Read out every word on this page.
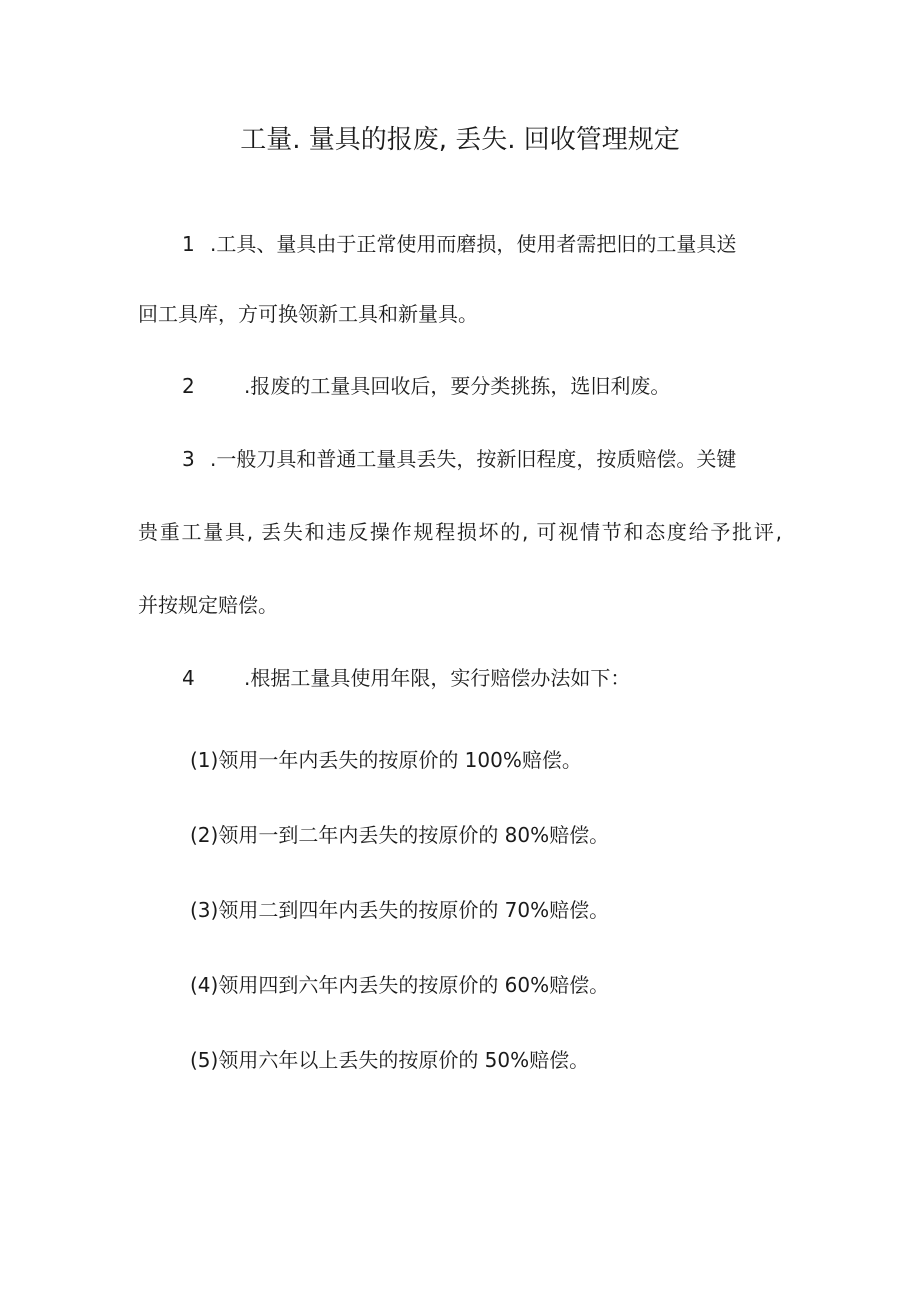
工量. 量具的报废, 丢失. 回收管理规定
1 .工具、量具由于正常使用而磨损，使用者需把旧的工量具送
回工具库，方可换领新工具和新量具。
2 .报废的工量具回收后，要分类挑拣，选旧利废。
3 .一般刀具和普通工量具丢失，按新旧程度，按质赔偿。关键
贵重工量具, 丢失和违反操作规程损坏的, 可视情节和态度给予批评,
并按规定赔偿。
4 .根据工量具使用年限，实行赔偿办法如下：
(1)领用一年内丢失的按原价的 100%赔偿。
(2)领用一到二年内丢失的按原价的 80%赔偿。
(3)领用二到四年内丢失的按原价的 70%赔偿。
(4)领用四到六年内丢失的按原价的 60%赔偿。
(5)领用六年以上丢失的按原价的 50%赔偿。
